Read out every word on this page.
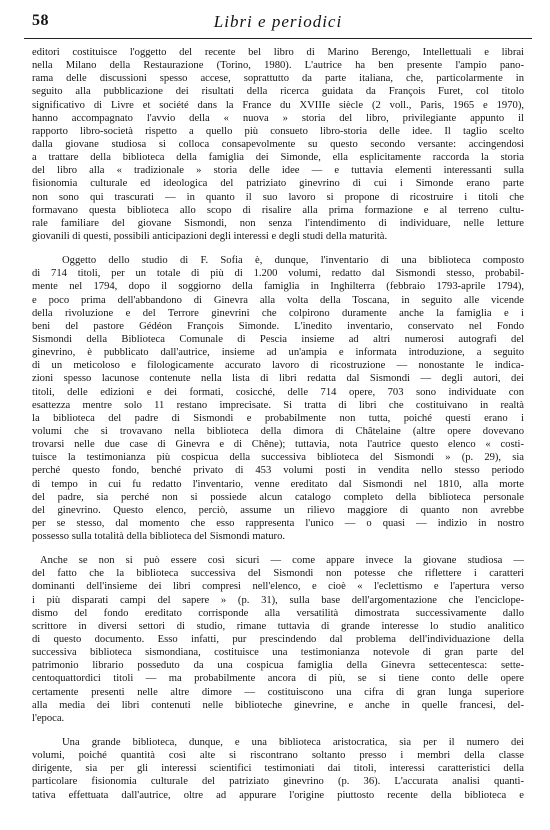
58	Libri e periodici
editori costituisce l'oggetto del recente bel libro di Marino Berengo, Intellettuali e librai
nella Milano della Restaurazione (Torino, 1980). L'autrice ha ben presente l'ampio pano-
rama delle discussioni spesso accese, soprattutto da parte italiana, che, particolarmente in
seguito alla pubblicazione dei risultati della ricerca guidata da François Furet, col titolo
significativo di Livre et société dans la France du XVIIIe siècle (2 voll., Paris, 1965 e 1970),
hanno accompagnato l'avvio della « nuova » storia del libro, privilegiante appunto il
rapporto libro-società rispetto a quello più consueto libro-storia delle idee. Il taglio scelto
dalla giovane studiosa si colloca consapevolmente su questo secondo versante: accingendosi
a trattare della biblioteca della famiglia dei Simonde, ella esplicitamente raccorda la storia
del libro alla « tradizionale » storia delle idee — e tuttavia elementi interessanti sulla
fisionomia culturale ed ideologica del patriziato ginevrino di cui i Simonde erano parte
non sono qui trascurati — in quanto il suo lavoro si propone di ricostruire i titoli che
formavano questa biblioteca allo scopo di risalire alla prima formazione e al terreno cultu-
rale familiare del giovane Sismondi, non senza l'intendimento di individuare, nelle letture
giovanili di questi, possibili anticipazioni degli interessi e degli studi della maturità.
Oggetto dello studio di F. Sofia è, dunque, l'inventario di una biblioteca composto
di 714 titoli, per un totale di più di 1.200 volumi, redatto dal Sismondi stesso, probabil-
mente nel 1794, dopo il soggiorno della famiglia in Inghilterra (febbraio 1793-aprile 1794),
e poco prima dell'abbandono di Ginevra alla volta della Toscana, in seguito alle vicende
della rivoluzione e del Terrore ginevrini che colpirono duramente anche la famiglia e i
beni del pastore Gédéon François Simonde. L'inedito inventario, conservato nel Fondo
Sismondi della Biblioteca Comunale di Pescia insieme ad altri numerosi autografi del
ginevrino, è pubblicato dall'autrice, insieme ad un'ampia e informata introduzione, a seguito
di un meticoloso e filologicamente accurato lavoro di ricostruzione — nonostante le indica-
zioni spesso lacunose contenute nella lista di libri redatta dal Sismondi — degli autori, dei
titoli, delle edizioni e dei formati, cosicché, delle 714 opere, 703 sono individuate con
esattezza mentre solo 11 restano imprecisate. Si tratta di libri che costituivano in realtà
la biblioteca del padre di Sismondi e probabilmente non tutta, poiché questi erano i
volumi che si trovavano nella biblioteca della dimora di Châtelaine (altre opere dovevano
trovarsi nelle due case di Ginevra e di Chêne); tuttavia, nota l'autrice questo elenco « costi-
tuisce la testimonianza più cospicua della successiva biblioteca del Sismondi » (p. 29), sia
perché questo fondo, benché privato di 453 volumi posti in vendita nello stesso periodo
di tempo in cui fu redatto l'inventario, venne ereditato dal Sismondi nel 1810, alla morte
del padre, sia perché non si possiede alcun catalogo completo della biblioteca personale
del ginevrino. Questo elenco, perciò, assume un rilievo maggiore di quanto non avrebbe
per se stesso, dal momento che esso rappresenta l'unico — o quasi — indizio in nostro
possesso sulla totalità della biblioteca del Sismondi maturo.
Anche se non si può essere così sicuri — come appare invece la giovane studiosa —
del fatto che la biblioteca successiva del Sismondi non potesse che riflettere i caratteri
dominanti dell'insieme dei libri compresi nell'elenco, e cioè « l'eclettismo e l'apertura verso
i più disparati campi del sapere » (p. 31), sulla base dell'argomentazione che l'enciclope-
dismo del fondo ereditato corrisponde alla versatilità dimostrata successivamente dallo
scrittore in diversi settori di studio, rimane tuttavia di grande interesse lo studio analitico
di questo documento. Esso infatti, pur prescindendo dal problema dell'individuazione della
successiva biblioteca sismondiana, costituisce una testimonianza notevole di gran parte del
patrimonio librario posseduto da una cospicua famiglia della Ginevra settecentesca: sette-
centoquattordici titoli — ma probabilmente ancora di più, se si tiene conto delle opere
certamente presenti nelle altre dimore — costituiscono una cifra di gran lunga superiore
alla media dei libri contenuti nelle biblioteche ginevrine, e anche in quelle francesi, del-
l'epoca.
Una grande biblioteca, dunque, e una biblioteca aristocratica, sia per il numero dei
volumi, poiché quantità così alte si riscontrano soltanto presso i membri della classe
dirigente, sia per gli interessi scientifici testimoniati dai titoli, interessi caratteristici della
particolare fisionomia culturale del patriziato ginevrino (p. 36). L'accurata analisi quanti-
tativa effettuata dall'autrice, oltre ad appurare l'origine piuttosto recente della biblioteca e
